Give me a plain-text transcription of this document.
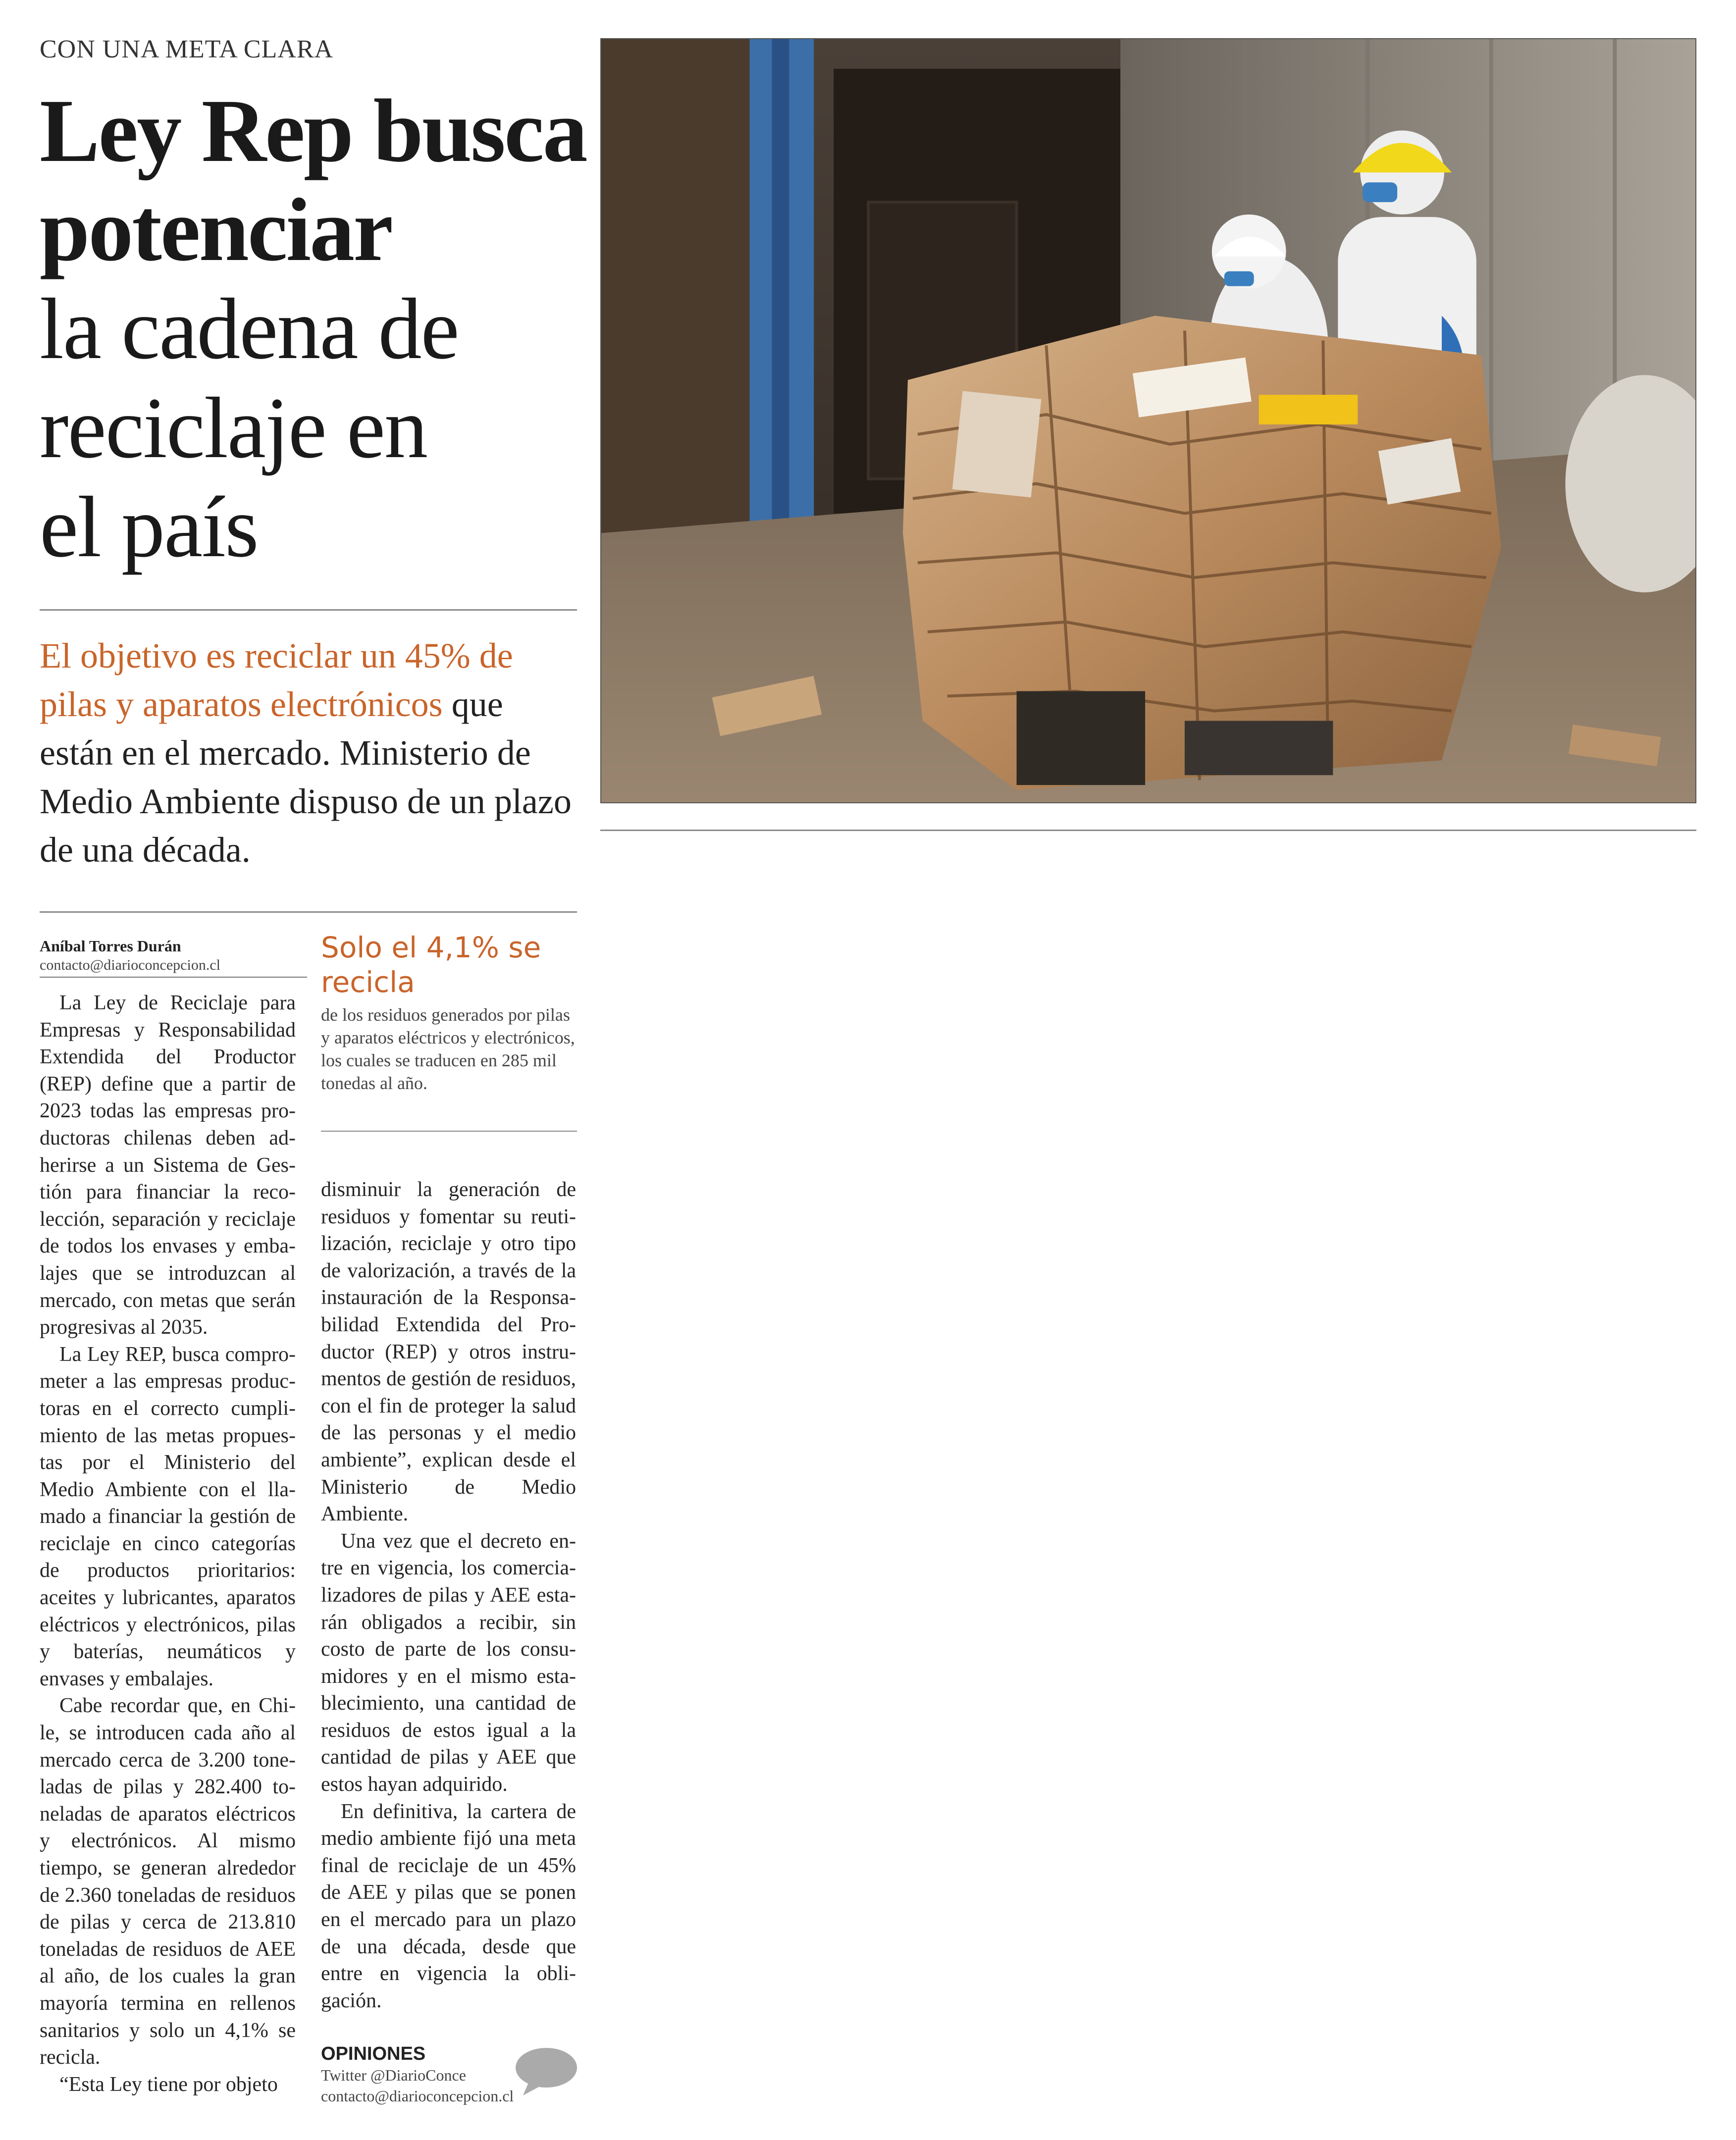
CON UNA META CLARA
Ley Rep busca
potenciar
la cadena de
reciclaje en
el país
El objetivo es reciclar un 45% de pilas y aparatos electrónicos que están en el mercado. Ministerio de Medio Ambiente dispuso de un plazo de una década.
Aníbal Torres Durán
contacto@diarioconcepcion.cl

La Ley de Reciclaje para Empresas y Responsabilidad Extendida del Productor (REP) define que a partir de 2023 todas las empresas productoras chilenas deben adherirse a un Sistema de Gestión para financiar la recolección, separación y reciclaje de todos los envases y embalajes que se introduzcan al mercado, con metas que serán progresivas al 2035.

La Ley REP, busca comprometer a las empresas productoras en el correcto cumplimiento de las metas propuestas por el Ministerio del Medio Ambiente con el llamado a financiar la gestión de reciclaje en cinco categorías de productos prioritarios: aceites y lubricantes, aparatos eléctricos y electrónicos, pilas y baterías, neumáticos y envases y embalajes.

Cabe recordar que, en Chile, se introducen cada año al mercado cerca de 3.200 toneladas de pilas y 282.400 toneladas de aparatos eléctricos y electrónicos. Al mismo tiempo, se generan alrededor de 2.360 toneladas de residuos de pilas y cerca de 213.810 toneladas de residuos de AEE al año, de los cuales la gran mayoría termina en rellenos sanitarios y solo un 4,1% se recicla.

“Esta Ley tiene por objeto

Solo el 4,1% se recicla
de los residuos generados por pilas y aparatos eléctricos y electrónicos, los cuales se traducen en 285 mil tonedas al año.

disminuir la generación de residuos y fomentar su reutilización, reciclaje y otro tipo de valorización, a través de la instauración de la Responsabilidad Extendida del Productor (REP) y otros instrumentos de gestión de residuos, con el fin de proteger la salud de las personas y el medio ambiente”, explican desde el Ministerio de Medio Ambiente.

Una vez que el decreto entre en vigencia, los comercializadores de pilas y AEE estarán obligados a recibir, sin costo de parte de los consumidores y en el mismo establecimiento, una cantidad de residuos de estos igual a la cantidad de pilas y AEE que estos hayan adquirido.

En definitiva, la cartera de medio ambiente fijó una meta final de reciclaje de un 45% de AEE y pilas que se ponen en el mercado para un plazo de una década, desde que entre en vigencia la obligación.

OPINIONES
Twitter @DiarioConce
contacto@diarioconcepcion.cl
